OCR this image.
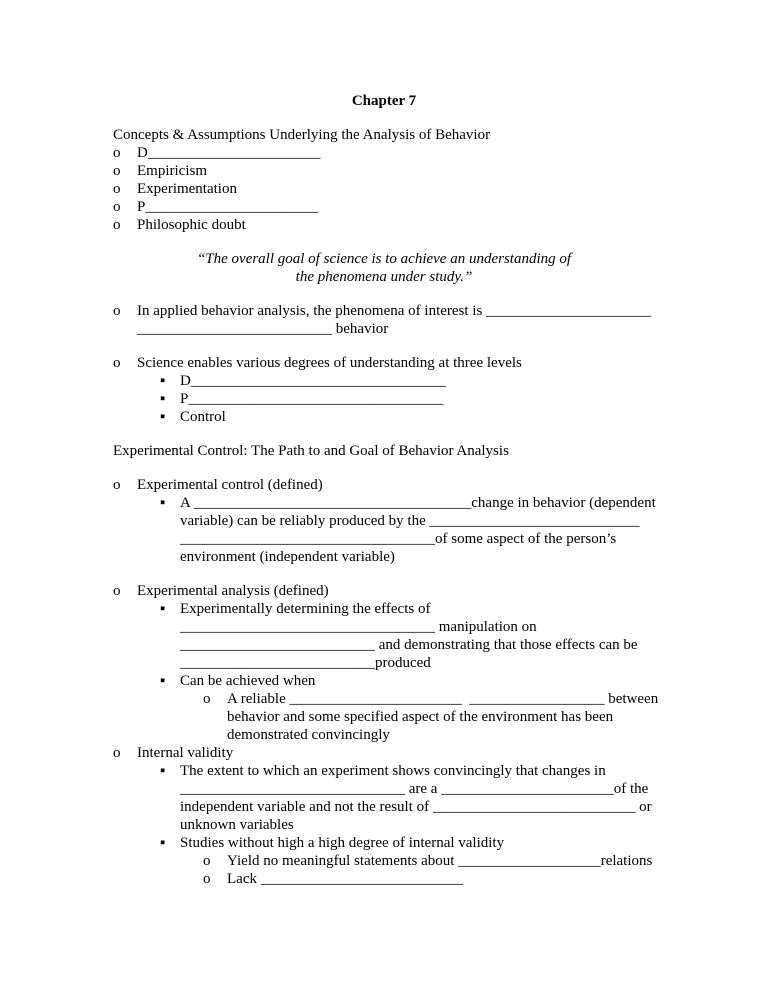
Chapter 7
Concepts & Assumptions Underlying the Analysis of Behavior
o D_______________________
o Empiricism
o Experimentation
o P_______________________
o Philosophic doubt
“The overall goal of science is to achieve an understanding of
the phenomena under study.”
o In applied behavior analysis, the phenomena of interest is ______________________
__________________________ behavior
o Science enables various degrees of understanding at three levels
▪ D__________________________________
▪ P__________________________________
▪ Control
Experimental Control: The Path to and Goal of Behavior Analysis
o Experimental control (defined)
▪ A _____________________________________change in behavior (dependent
variable) can be reliably produced by the ____________________________
__________________________________of some aspect of the person’s
environment (independent variable)
o Experimental analysis (defined)
▪ Experimentally determining the effects of
__________________________________ manipulation on
__________________________ and demonstrating that those effects can be
__________________________produced
▪ Can be achieved when
o A reliable _______________________  __________________ between
behavior and some specified aspect of the environment has been
demonstrated convincingly
o Internal validity
▪ The extent to which an experiment shows convincingly that changes in
______________________________ are a _______________________of the
independent variable and not the result of ___________________________ or
unknown variables
▪ Studies without high a high degree of internal validity
o Yield no meaningful statements about ___________________relations
o Lack ___________________________
